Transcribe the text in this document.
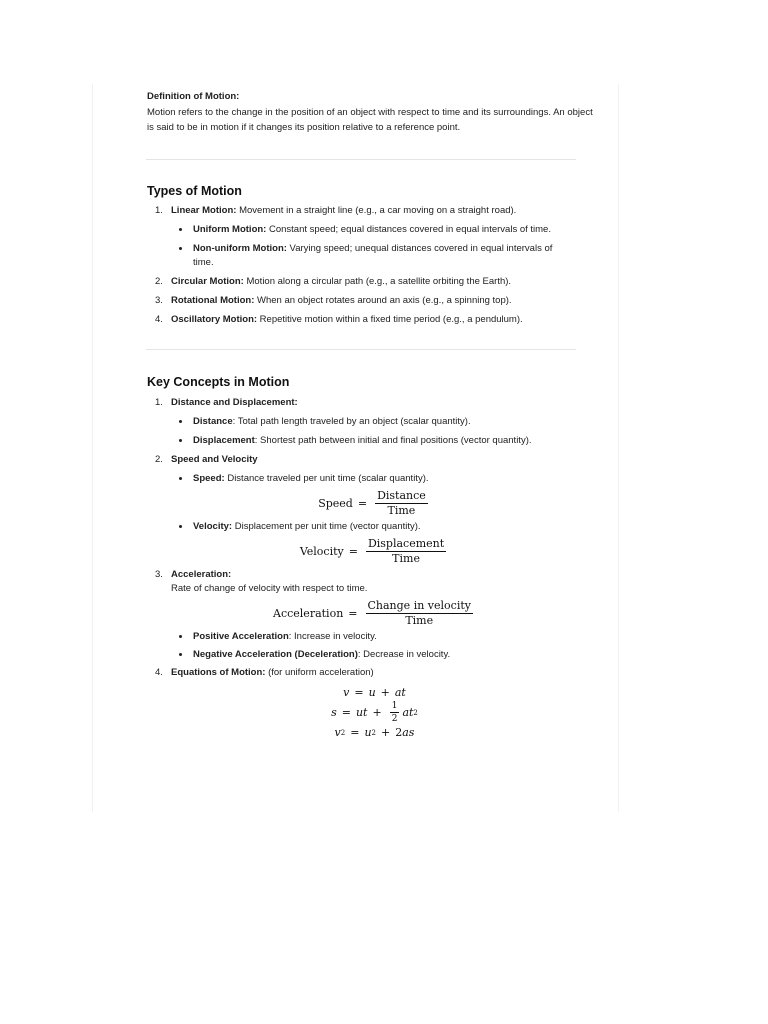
Definition of Motion:

Motion refers to the change in the position of an object with respect to time and its surroundings. An object is said to be in motion if it changes its position relative to a reference point.

Types of Motion
1. Linear Motion: Movement in a straight line (e.g., a car moving on a straight road).
Uniform Motion: Constant speed; equal distances covered in equal intervals of time.
Non-uniform Motion: Varying speed; unequal distances covered in equal intervals of time.
2. Circular Motion: Motion along a circular path (e.g., a satellite orbiting the Earth).
3. Rotational Motion: When an object rotates around an axis (e.g., a spinning top).
4. Oscillatory Motion: Repetitive motion within a fixed time period (e.g., a pendulum).
Key Concepts in Motion
1. Distance and Displacement:
Distance: Total path length traveled by an object (scalar quantity).
Displacement: Shortest path between initial and final positions (vector quantity).
2. Speed and Velocity
Speed: Distance traveled per unit time (scalar quantity).
Speed = $\frac{\text{Distance}}{\text{Time}}$
Velocity: Displacement per unit time (vector quantity).
Velocity = $\frac{\text{Displacement}}{\text{Time}}$
3. Acceleration:
Rate of change of velocity with respect to time.
Acceleration = $\frac{\text{Change in velocity}}{\text{Time}}$
Positive Acceleration: Increase in velocity.
Negative Acceleration (Deceleration): Decrease in velocity.
4. Equations of Motion: (for uniform acceleration)
v = u + at
s = ut + $\frac{1}{2}$ at 2
v 2 = u 2 + 2 as
